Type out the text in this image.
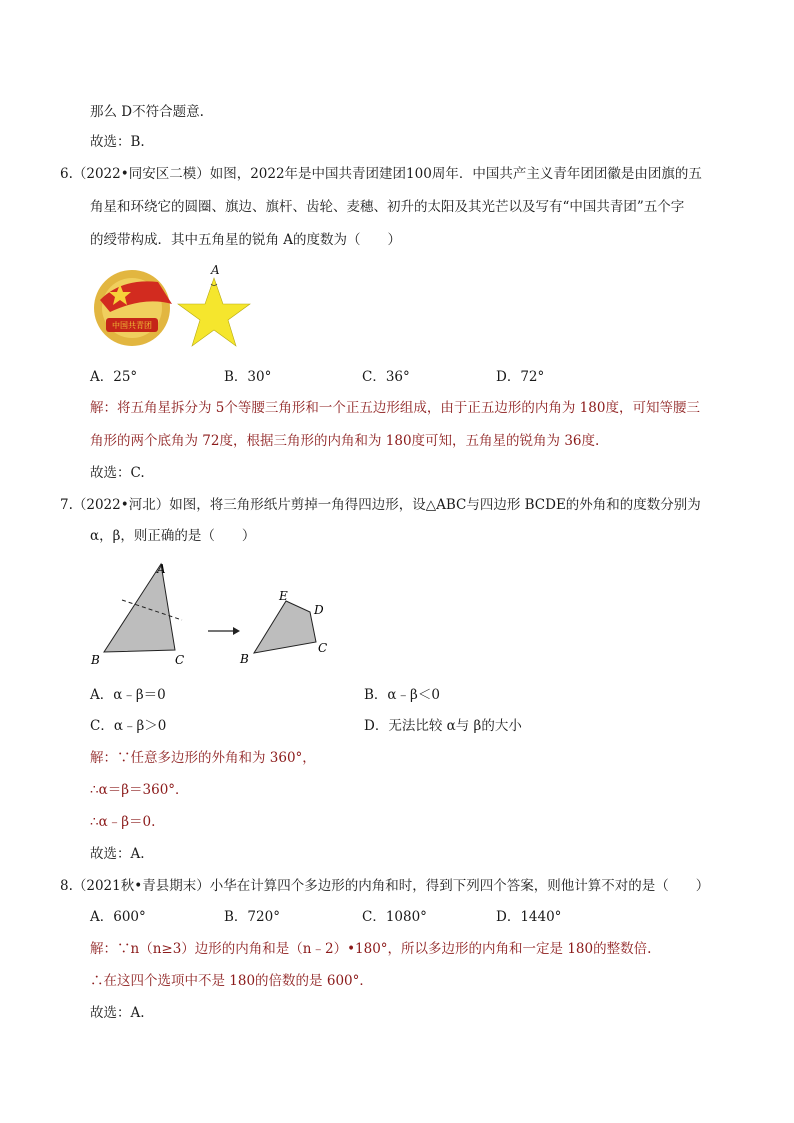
那么 D不符合题意.
故选：B.
6.（2022•同安区二模）如图，2022年是中国共青团建团100周年．中国共产主义青年团团徽是由团旗的五
角星和环绕它的圆圈、旗边、旗杆、齿轮、麦穗、初升的太阳及其光芒以及写有“中国共青团”五个字
的绶带构成．其中五角星的锐角 A的度数为（　　）
中国共青团
A
A．25°	B．30°	C．36°	D．72°
解：将五角星拆分为 5个等腰三角形和一个正五边形组成，由于正五边形的内角为 180度，可知等腰三
角形的两个底角为 72度，根据三角形的内角和为 180度可知，五角星的锐角为 36度.
故选：C.
7.（2022•河北）如图，将三角形纸片剪掉一角得四边形，设△ABC与四边形 BCDE的外角和的度数分别为
α，β，则正确的是（　　）
A
B	C
E
D
C
B
A．α﹣β＝0	B．α﹣β＜0
C．α﹣β＞0	D．无法比较 α与 β的大小
解：∵任意多边形的外角和为 360°，
∴α＝β＝360°．
∴α﹣β＝0.
故选：A.
8.（2021秋•青县期末）小华在计算四个多边形的内角和时，得到下列四个答案，则他计算不对的是（　　）
A．600°	B．720°	C．1080°	D．1440°
解：∵n（n≥3）边形的内角和是（n﹣2）•180°，所以多边形的内角和一定是 180的整数倍.
∴在这四个选项中不是 180的倍数的是 600°．
故选：A.
